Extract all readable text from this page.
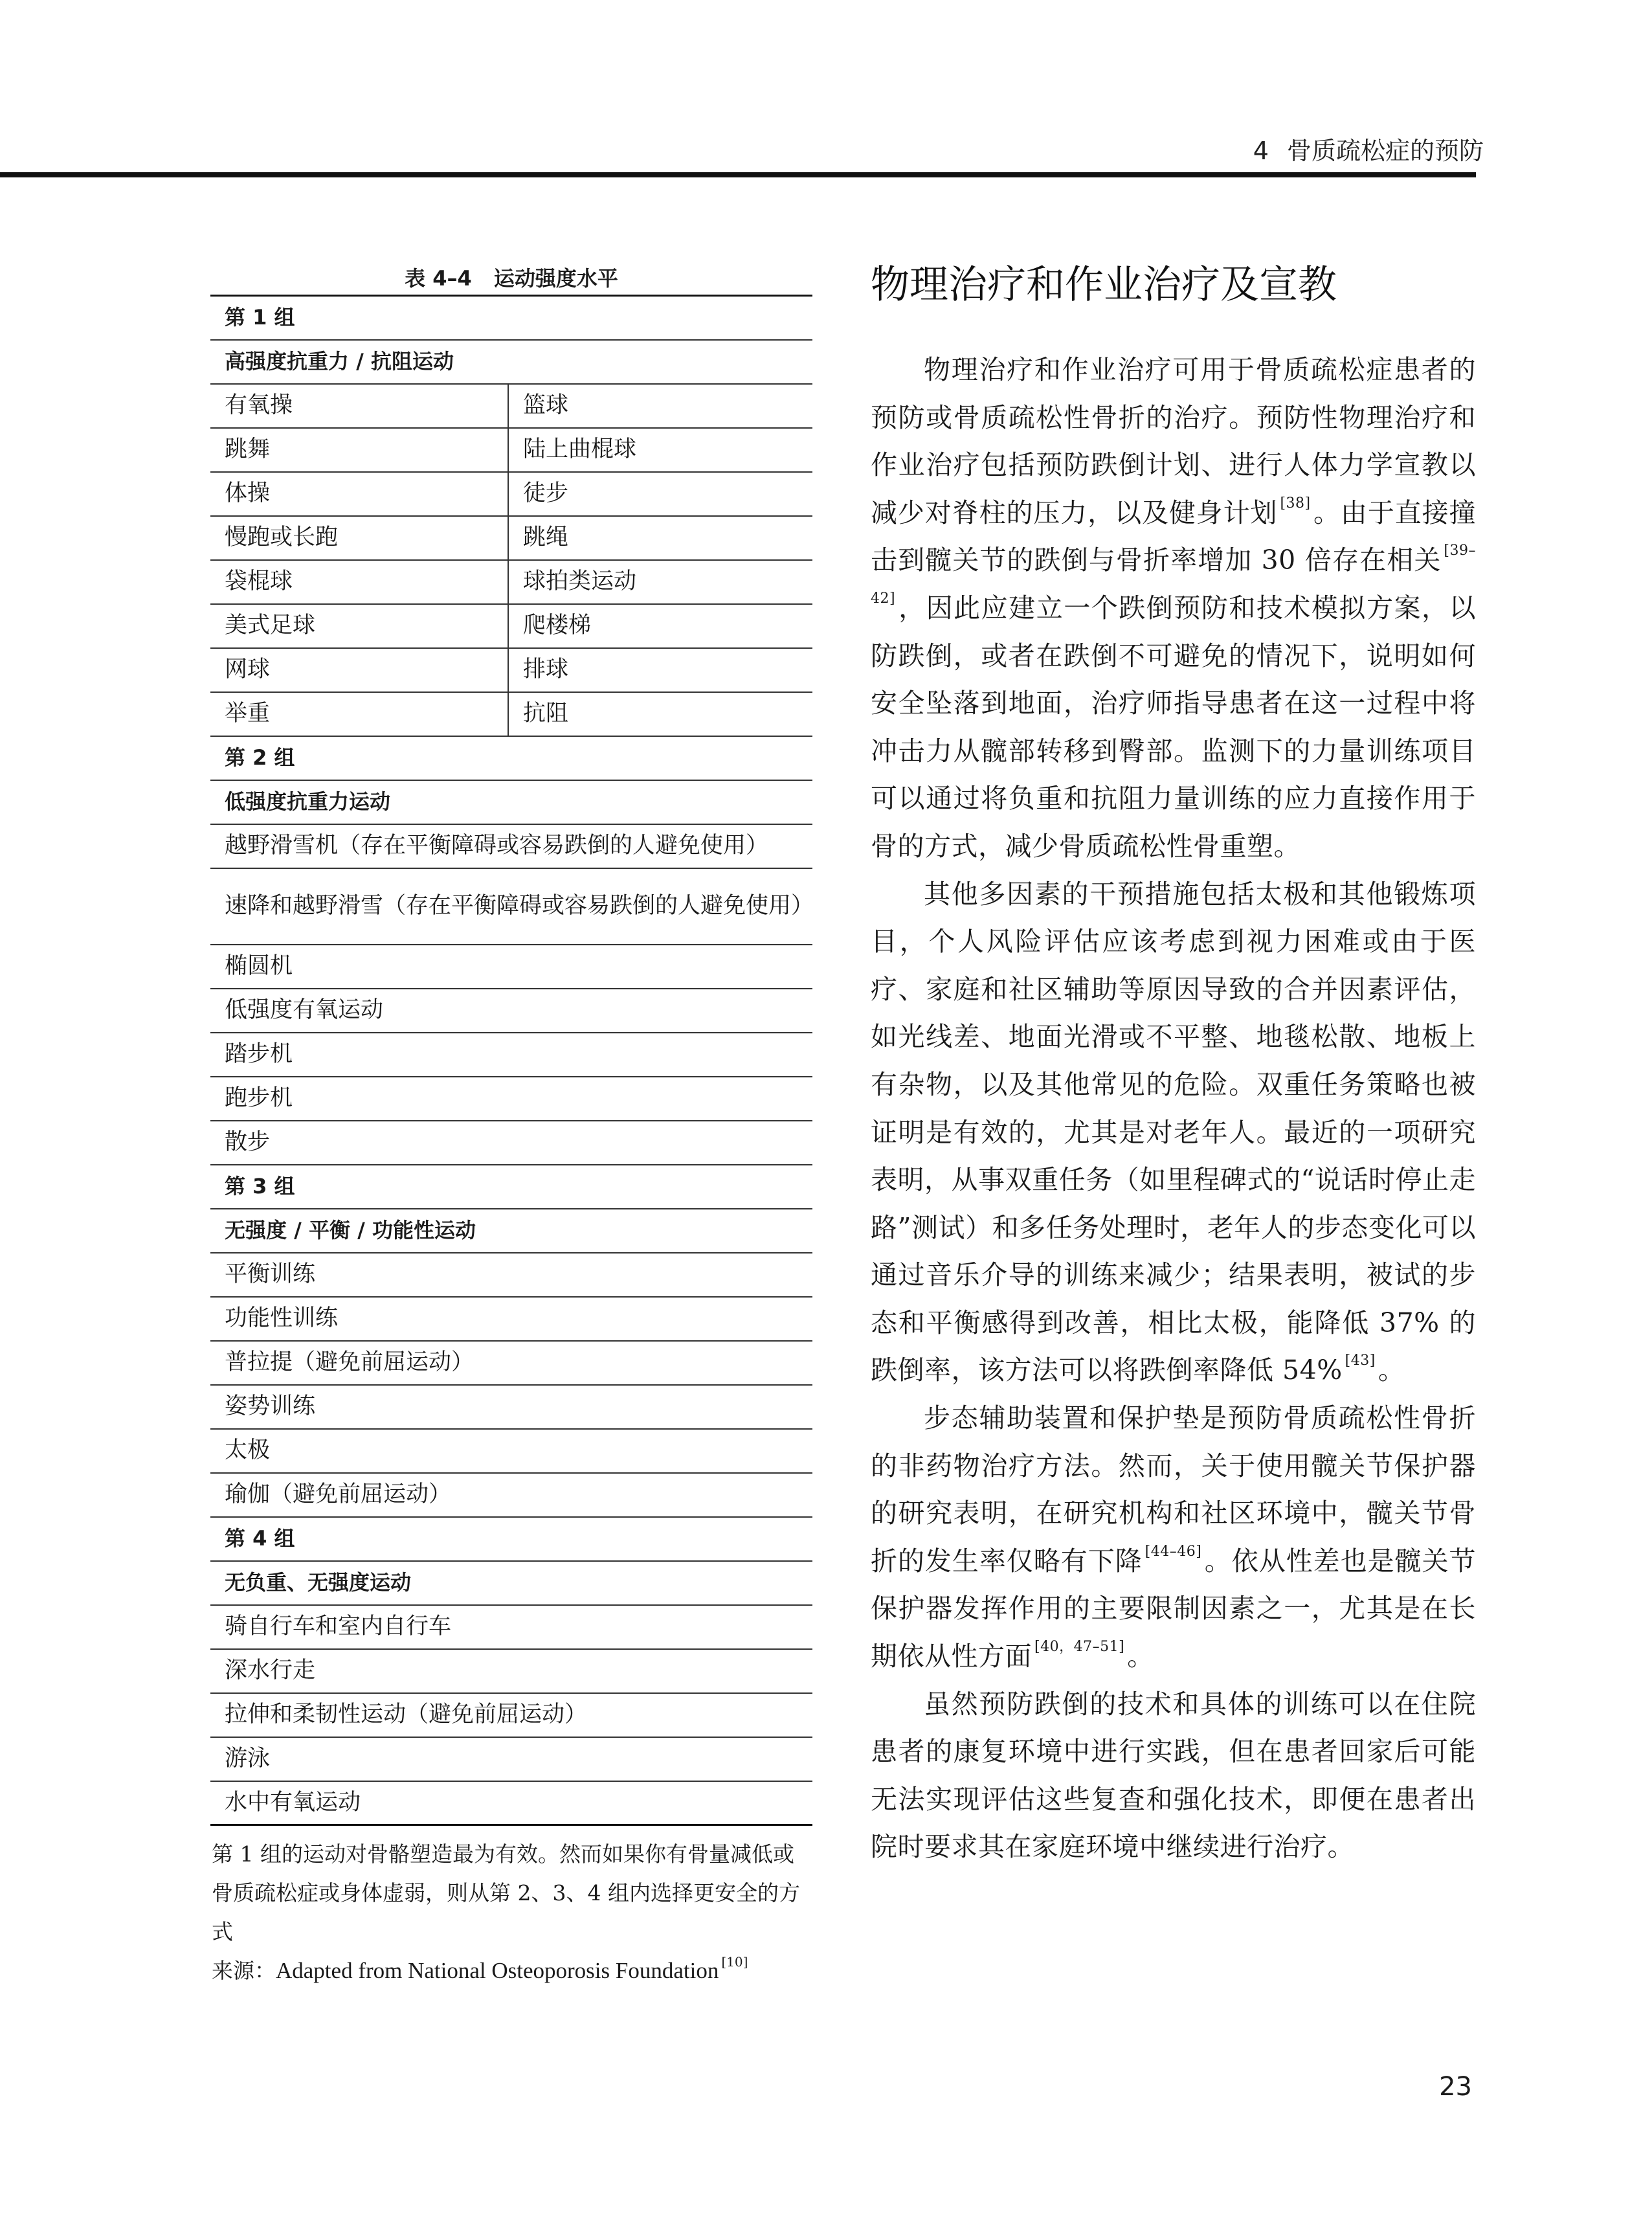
4 骨质疏松症的预防
表 4–4 运动强度水平
第 1 组	
高强度抗重力 / 抗阻运动	
有氧操	篮球
跳舞	陆上曲棍球
体操	徒步
慢跑或长跑	跳绳
袋棍球	球拍类运动
美式足球	爬楼梯
网球	排球
举重	抗阻
第 2 组	
低强度抗重力运动	
越野滑雪机（存在平衡障碍或容易跌倒的人避免使用）	
速降和越野滑雪（存在平衡障碍或容易跌倒的人避免使用）	
椭圆机	
低强度有氧运动	
踏步机	
跑步机	
散步	
第 3 组	
无强度 / 平衡 / 功能性运动	
平衡训练	
功能性训练	
普拉提（避免前屈运动）	
姿势训练	
太极	
瑜伽（避免前屈运动）	
第 4 组	
无负重、无强度运动	
骑自行车和室内自行车	
深水行走	
拉伸和柔韧性运动（避免前屈运动）	
游泳	
水中有氧运动	
第 1 组的运动对骨骼塑造最为有效。然而如果你有骨量减低或骨质疏松症或身体虚弱，则从第 2、3、4 组内选择更安全的方式
来源：Adapted from National Osteoporosis Foundation [10]
物理治疗和作业治疗及宣教

物理治疗和作业治疗可用于骨质疏松症患者的预防或骨质疏松性骨折的治疗。预防性物理治疗和作业治疗包括预防跌倒计划、进行人体力学宣教以减少对脊柱的压力，以及健身计划 [38]。由于直接撞击到髋关节的跌倒与骨折率增加 30 倍存在相关 [39–42]，因此应建立一个跌倒预防和技术模拟方案，以防跌倒，或者在跌倒不可避免的情况下，说明如何安全坠落到地面，治疗师指导患者在这一过程中将冲击力从髋部转移到臀部。监测下的力量训练项目可以通过将负重和抗阻力量训练的应力直接作用于骨的方式，减少骨质疏松性骨重塑。

其他多因素的干预措施包括太极和其他锻炼项目，个人风险评估应该考虑到视力困难或由于医疗、家庭和社区辅助等原因导致的合并因素评估，如光线差、地面光滑或不平整、地毯松散、地板上有杂物，以及其他常见的危险。双重任务策略也被证明是有效的，尤其是对老年人。最近的一项研究表明，从事双重任务（如里程碑式的“说话时停止走路”测试）和多任务处理时，老年人的步态变化可以通过音乐介导的训练来减少；结果表明，被试的步态和平衡感得到改善，相比太极，能降低 37% 的跌倒率，该方法可以将跌倒率降低 54% [43]。

步态辅助装置和保护垫是预防骨质疏松性骨折的非药物治疗方法。然而，关于使用髋关节保护器的研究表明，在研究机构和社区环境中，髋关节骨折的发生率仅略有下降 [44–46]。依从性差也是髋关节保护器发挥作用的主要限制因素之一，尤其是在长期依从性方面 [40，47–51]。

虽然预防跌倒的技术和具体的训练可以在住院患者的康复环境中进行实践，但在患者回家后可能无法实现评估这些复查和强化技术，即便在患者出院时要求其在家庭环境中继续进行治疗。

23
